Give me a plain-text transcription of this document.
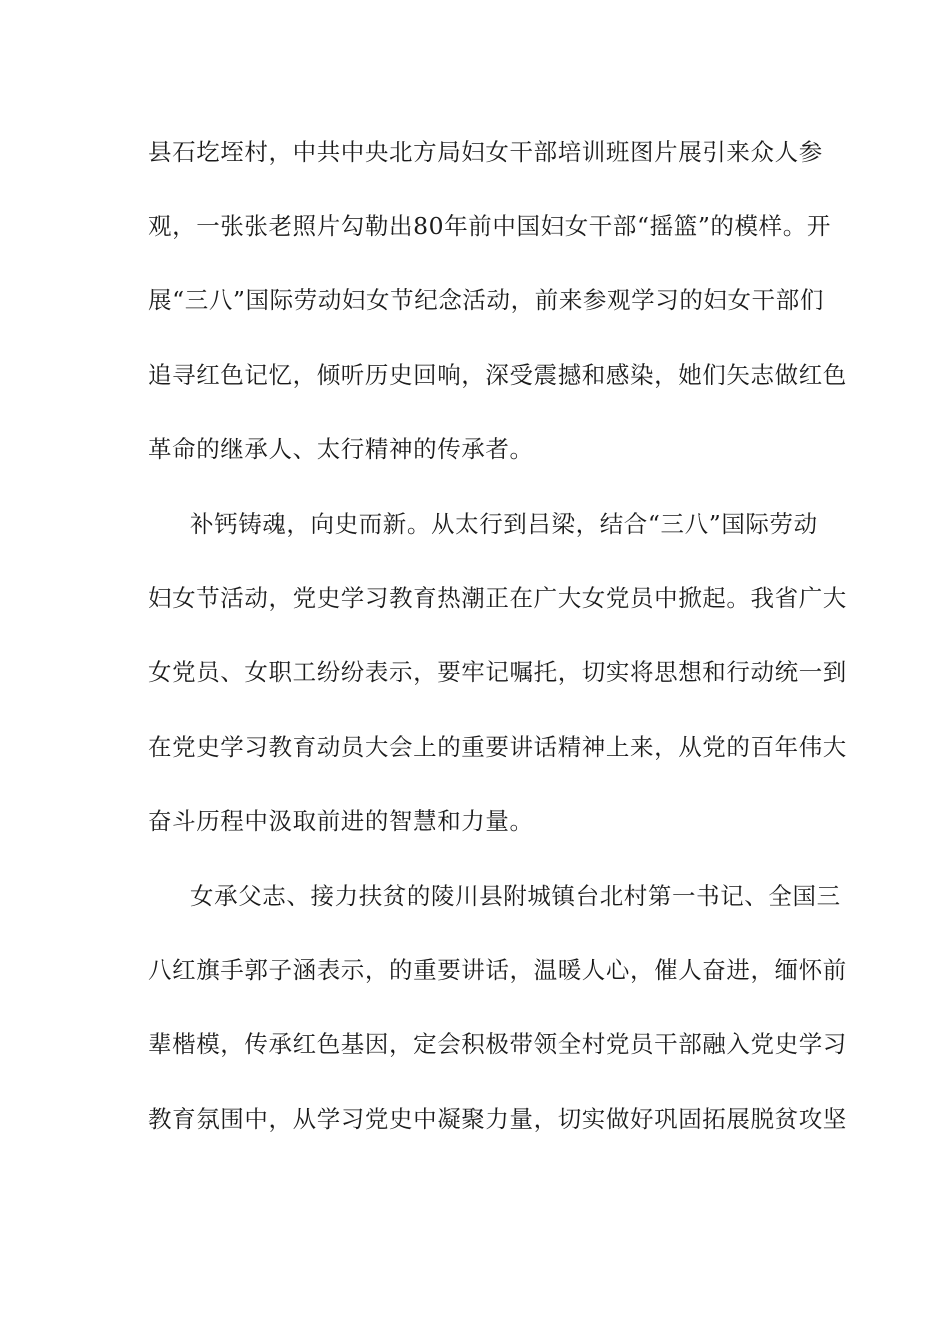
县石圪垤村，中共中央北方局妇女干部培训班图片展引来众人参
观，一张张老照片勾勒出80年前中国妇女干部“摇篮”的模样。开
展“三八”国际劳动妇女节纪念活动，前来参观学习的妇女干部们
追寻红色记忆，倾听历史回响，深受震撼和感染，她们矢志做红色
革命的继承人、太行精神的传承者。
补钙铸魂，向史而新。从太行到吕梁，结合“三八”国际劳动
妇女节活动，党史学习教育热潮正在广大女党员中掀起。我省广大
女党员、女职工纷纷表示，要牢记嘱托，切实将思想和行动统一到
在党史学习教育动员大会上的重要讲话精神上来，从党的百年伟大
奋斗历程中汲取前进的智慧和力量。
女承父志、接力扶贫的陵川县附城镇台北村第一书记、全国三
八红旗手郭子涵表示，的重要讲话，温暖人心，催人奋进，缅怀前
辈楷模，传承红色基因，定会积极带领全村党员干部融入党史学习
教育氛围中，从学习党史中凝聚力量，切实做好巩固拓展脱贫攻坚
